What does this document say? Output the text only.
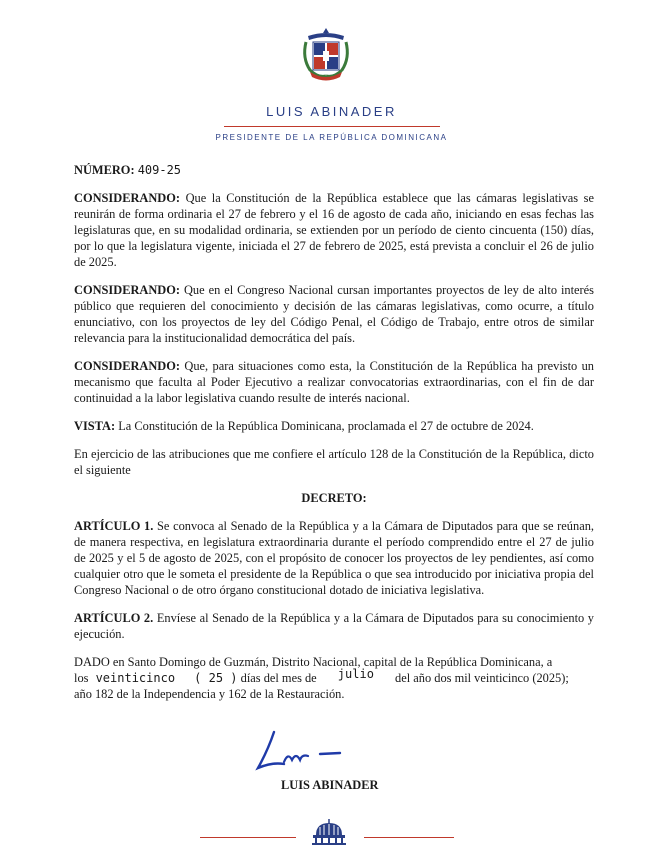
LUIS ABINADER
PRESIDENTE DE LA REPÚBLICA DOMINICANA

NÚMERO: 409-25

CONSIDERANDO: Que la Constitución de la República establece que las cámaras legislativas se reunirán de forma ordinaria el 27 de febrero y el 16 de agosto de cada año, iniciando en esas fechas las legislaturas que, en su modalidad ordinaria, se extienden por un período de ciento cincuenta (150) días, por lo que la legislatura vigente, iniciada el 27 de febrero de 2025, está prevista a concluir el 26 de julio de 2025.

CONSIDERANDO: Que en el Congreso Nacional cursan importantes proyectos de ley de alto interés público que requieren del conocimiento y decisión de las cámaras legislativas, como ocurre, a título enunciativo, con los proyectos de ley del Código Penal, el Código de Trabajo, entre otros de similar relevancia para la institucionalidad democrática del país.

CONSIDERANDO: Que, para situaciones como esta, la Constitución de la República ha previsto un mecanismo que faculta al Poder Ejecutivo a realizar convocatorias extraordinarias, con el fin de dar continuidad a la labor legislativa cuando resulte de interés nacional.

VISTA: La Constitución de la República Dominicana, proclamada el 27 de octubre de 2024.

En ejercicio de las atribuciones que me confiere el artículo 128 de la Constitución de la República, dicto el siguiente

DECRETO:

ARTÍCULO 1. Se convoca al Senado de la República y a la Cámara de Diputados para que se reúnan, de manera respectiva, en legislatura extraordinaria durante el período comprendido entre el 27 de julio de 2025 y el 5 de agosto de 2025, con el propósito de conocer los proyectos de ley pendientes, así como cualquier otro que le someta el presidente de la República o que sea introducido por iniciativa propia del Congreso Nacional o de otro órgano constitucional dotado de iniciativa legislativa.

ARTÍCULO 2. Envíese al Senado de la República y a la Cámara de Diputados para su conocimiento y ejecución.

DADO en Santo Domingo de Guzmán, Distrito Nacional, capital de la República Dominicana, a
los veinticinco ( 25 ) días del mes de julio del año dos mil veinticinco (2025);
año 182 de la Independencia y 162 de la Restauración.

LUIS ABINADER
